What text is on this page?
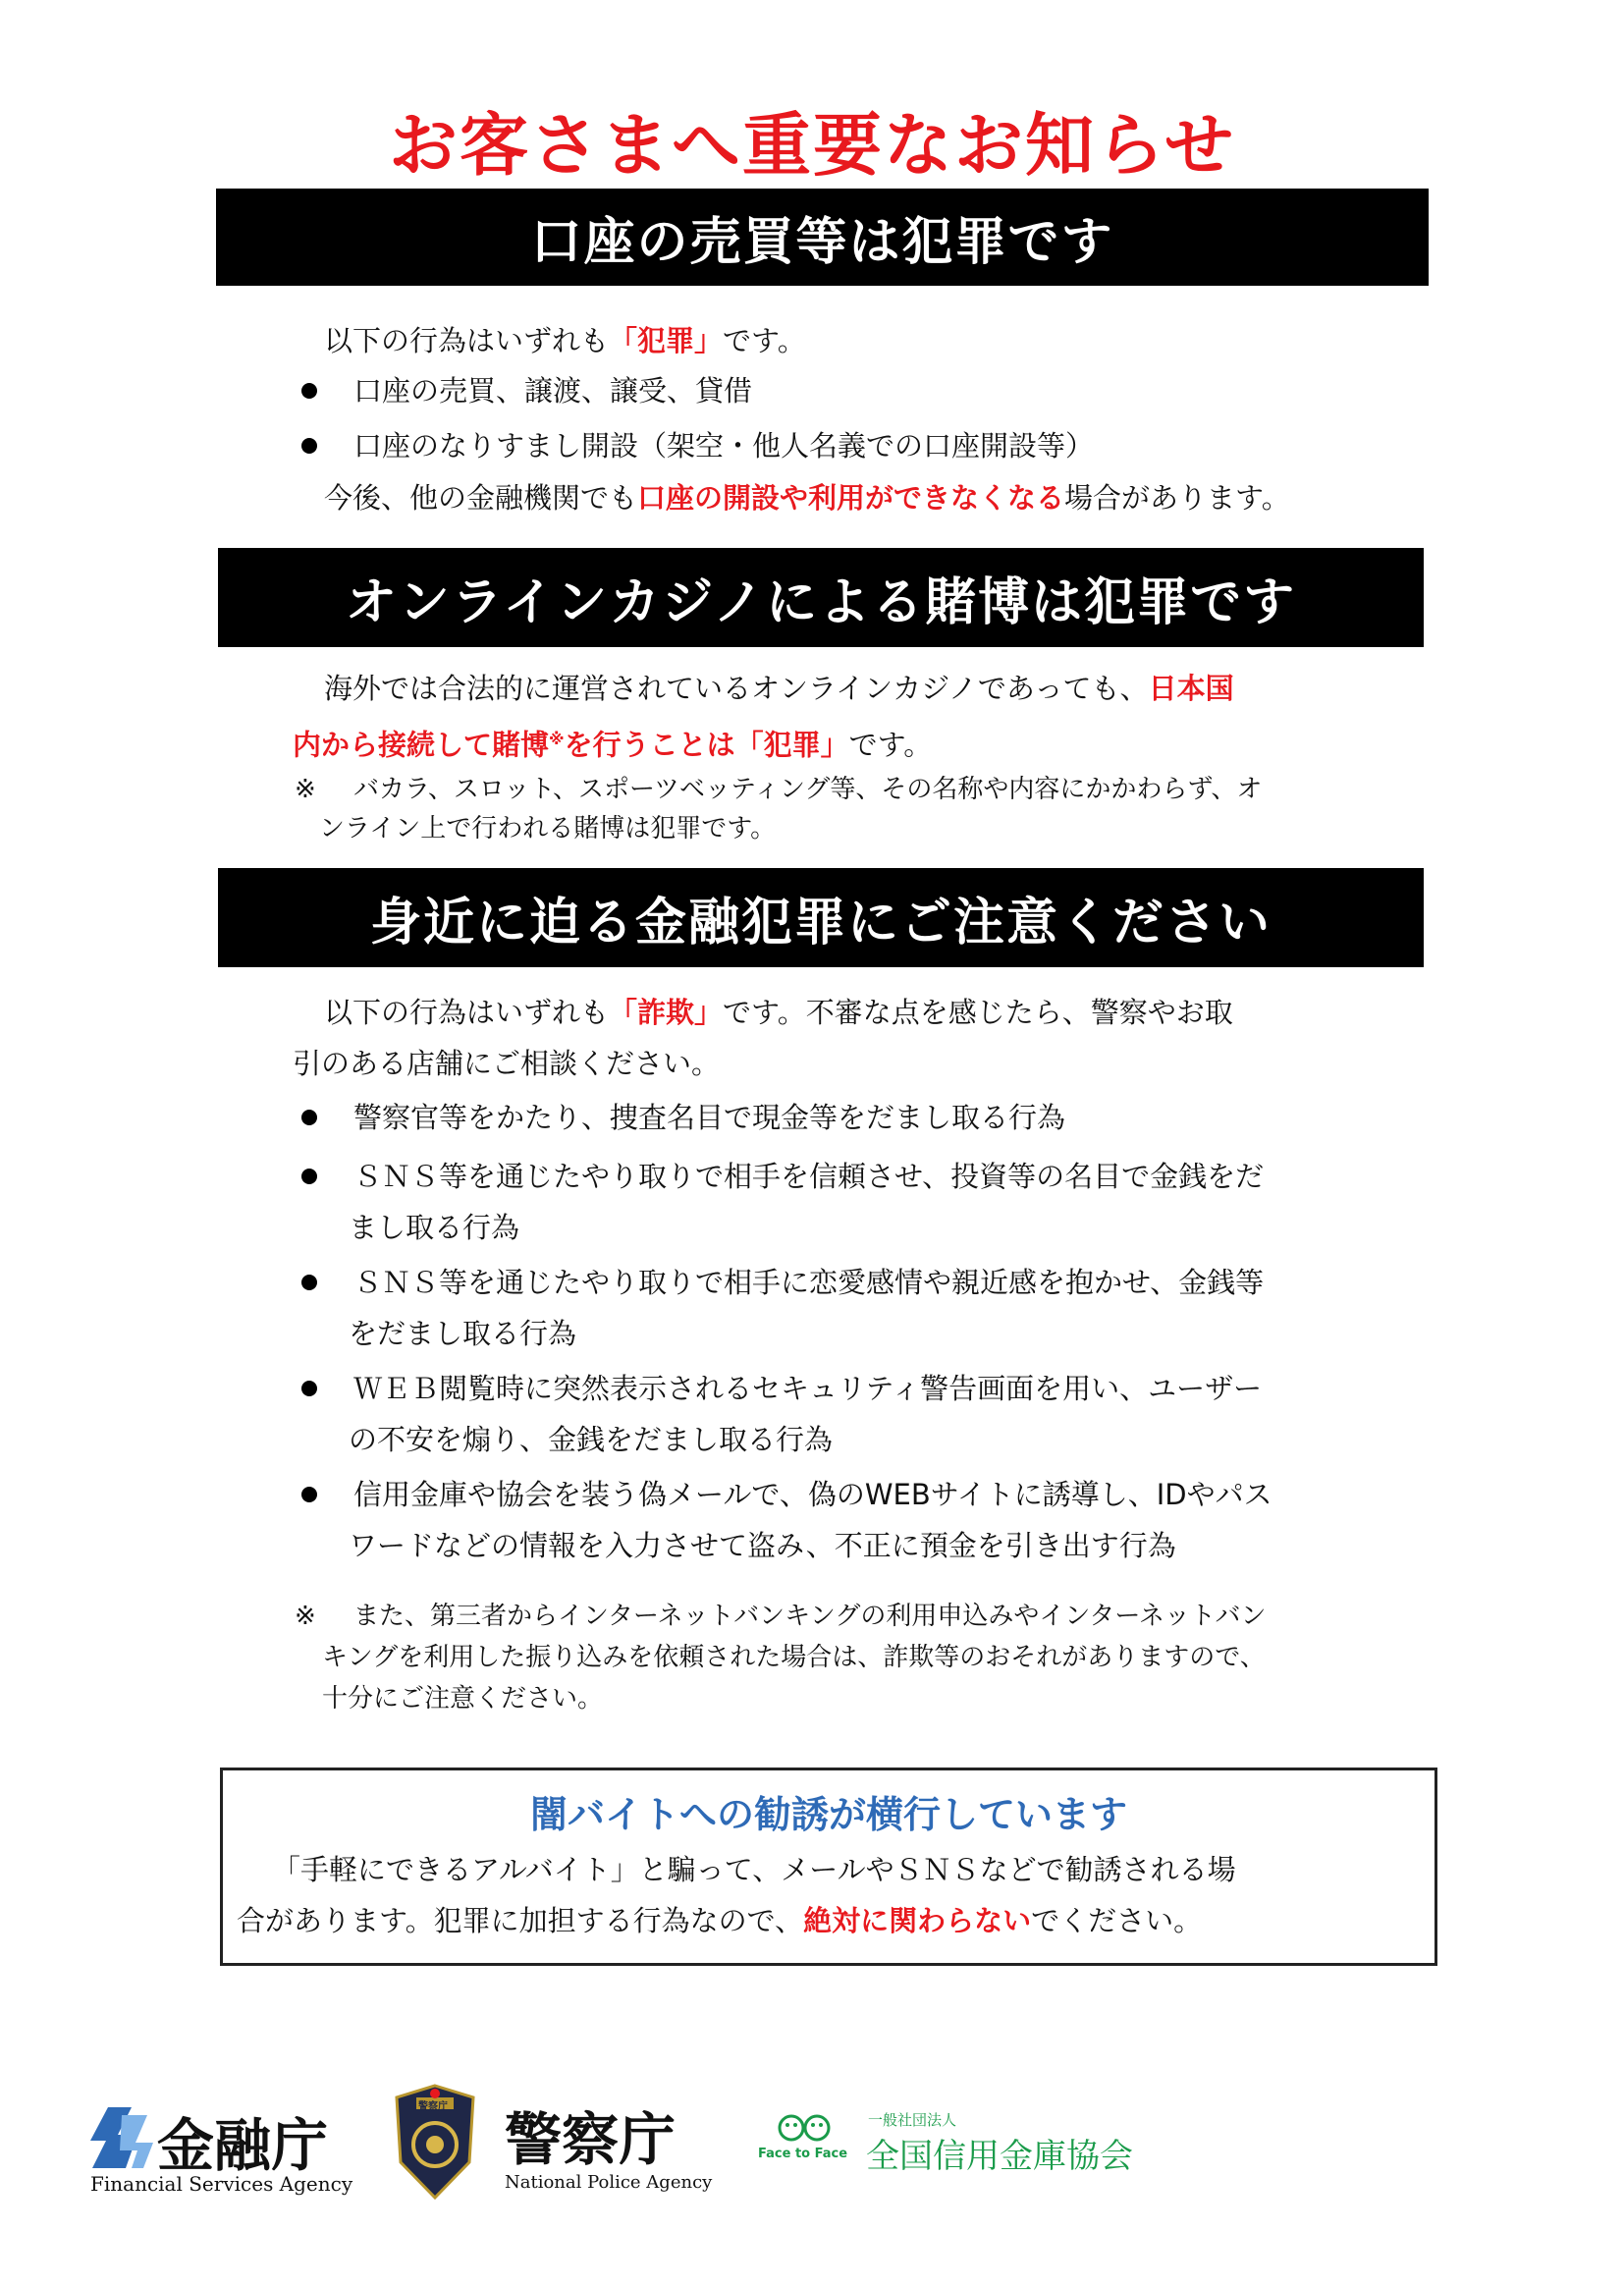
お客さまへ重要なお知らせ
口座の売買等は犯罪です
以下の行為はいずれも「犯罪」です。
口座の売買、譲渡、譲受、貸借
口座のなりすまし開設（架空・他人名義での口座開設等）
今後、他の金融機関でも口座の開設や利用ができなくなる場合があります。
オンラインカジノによる賭博は犯罪です
海外では合法的に運営されているオンラインカジノであっても、日本国
内から接続して賭博※を行うことは「犯罪」です。
※ バカラ、スロット、スポーツベッティング等、その名称や内容にかかわらず、オ
ンライン上で行われる賭博は犯罪です。
身近に迫る金融犯罪にご注意ください
以下の行為はいずれも「詐欺」です。不審な点を感じたら、警察やお取
引のある店舗にご相談ください。
警察官等をかたり、捜査名目で現金等をだまし取る行為
ＳＮＳ等を通じたやり取りで相手を信頼させ、投資等の名目で金銭をだ
まし取る行為
ＳＮＳ等を通じたやり取りで相手に恋愛感情や親近感を抱かせ、金銭等
をだまし取る行為
ＷＥＢ閲覧時に突然表示されるセキュリティ警告画面を用い、ユーザー
の不安を煽り、金銭をだまし取る行為
信用金庫や協会を装う偽メールで、偽のWEBサイトに誘導し、IDやパス
ワードなどの情報を入力させて盗み、不正に預金を引き出す行為
※ また、第三者からインターネットバンキングの利用申込みやインターネットバン
キングを利用した振り込みを依頼された場合は、詐欺等のおそれがありますので、
十分にご注意ください。
闇バイトへの勧誘が横行しています
「手軽にできるアルバイト」と騙って、メールやＳＮＳなどで勧誘される場
合があります。犯罪に加担する行為なので、絶対に関わらないでください。
金融庁
Financial Services Agency
警察庁 警察庁
National Police Agency
Face to Face
一般社団法人
全国信用金庫協会
